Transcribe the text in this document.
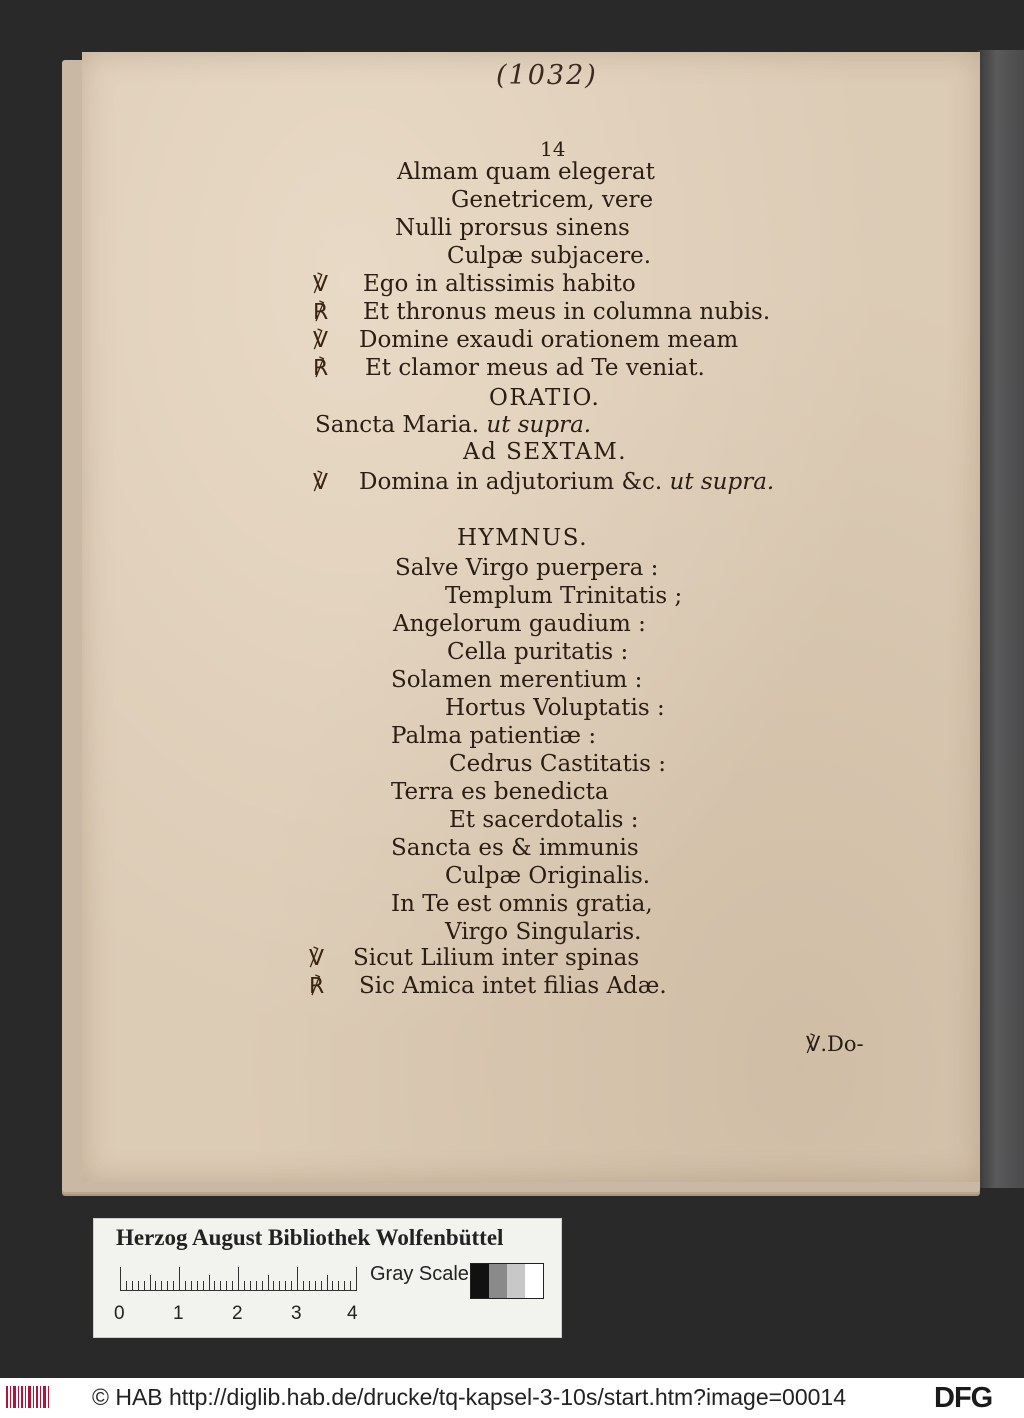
(1032)
14
Almam quam elegerat
Genetricem, vere
Nulli prorsus sinens
Culpæ subjacere.
℣ Ego in altissimis habito
℟ Et thronus meus in columna nubis.
℣ Domine exaudi orationem meam
℟ Et clamor meus ad Te veniat.
ORATIO.
Sancta Maria. ut supra.
Ad SEXTAM.
℣ Domina in adjutorium &c. ut supra.
HYMNUS.
Salve Virgo puerpera :
Templum Trinitatis ;
Angelorum gaudium :
Cella puritatis :
Solamen merentium :
Hortus Voluptatis :
Palma patientiæ :
Cedrus Castitatis :
Terra es benedicta
Et sacerdotalis :
Sancta es & immunis
Culpæ Originalis.
In Te est omnis gratia,
Virgo Singularis.
℣ Sicut Lilium inter spinas
℟ Sic Amica intet filias Adæ.
℣.Do-
Herzog August Bibliothek Wolfenbüttel
0	1	2	3 4
Gray Scale
© HAB http://diglib.hab.de/drucke/tq-kapsel-3-10s/start.htm?image=00014	DFG
